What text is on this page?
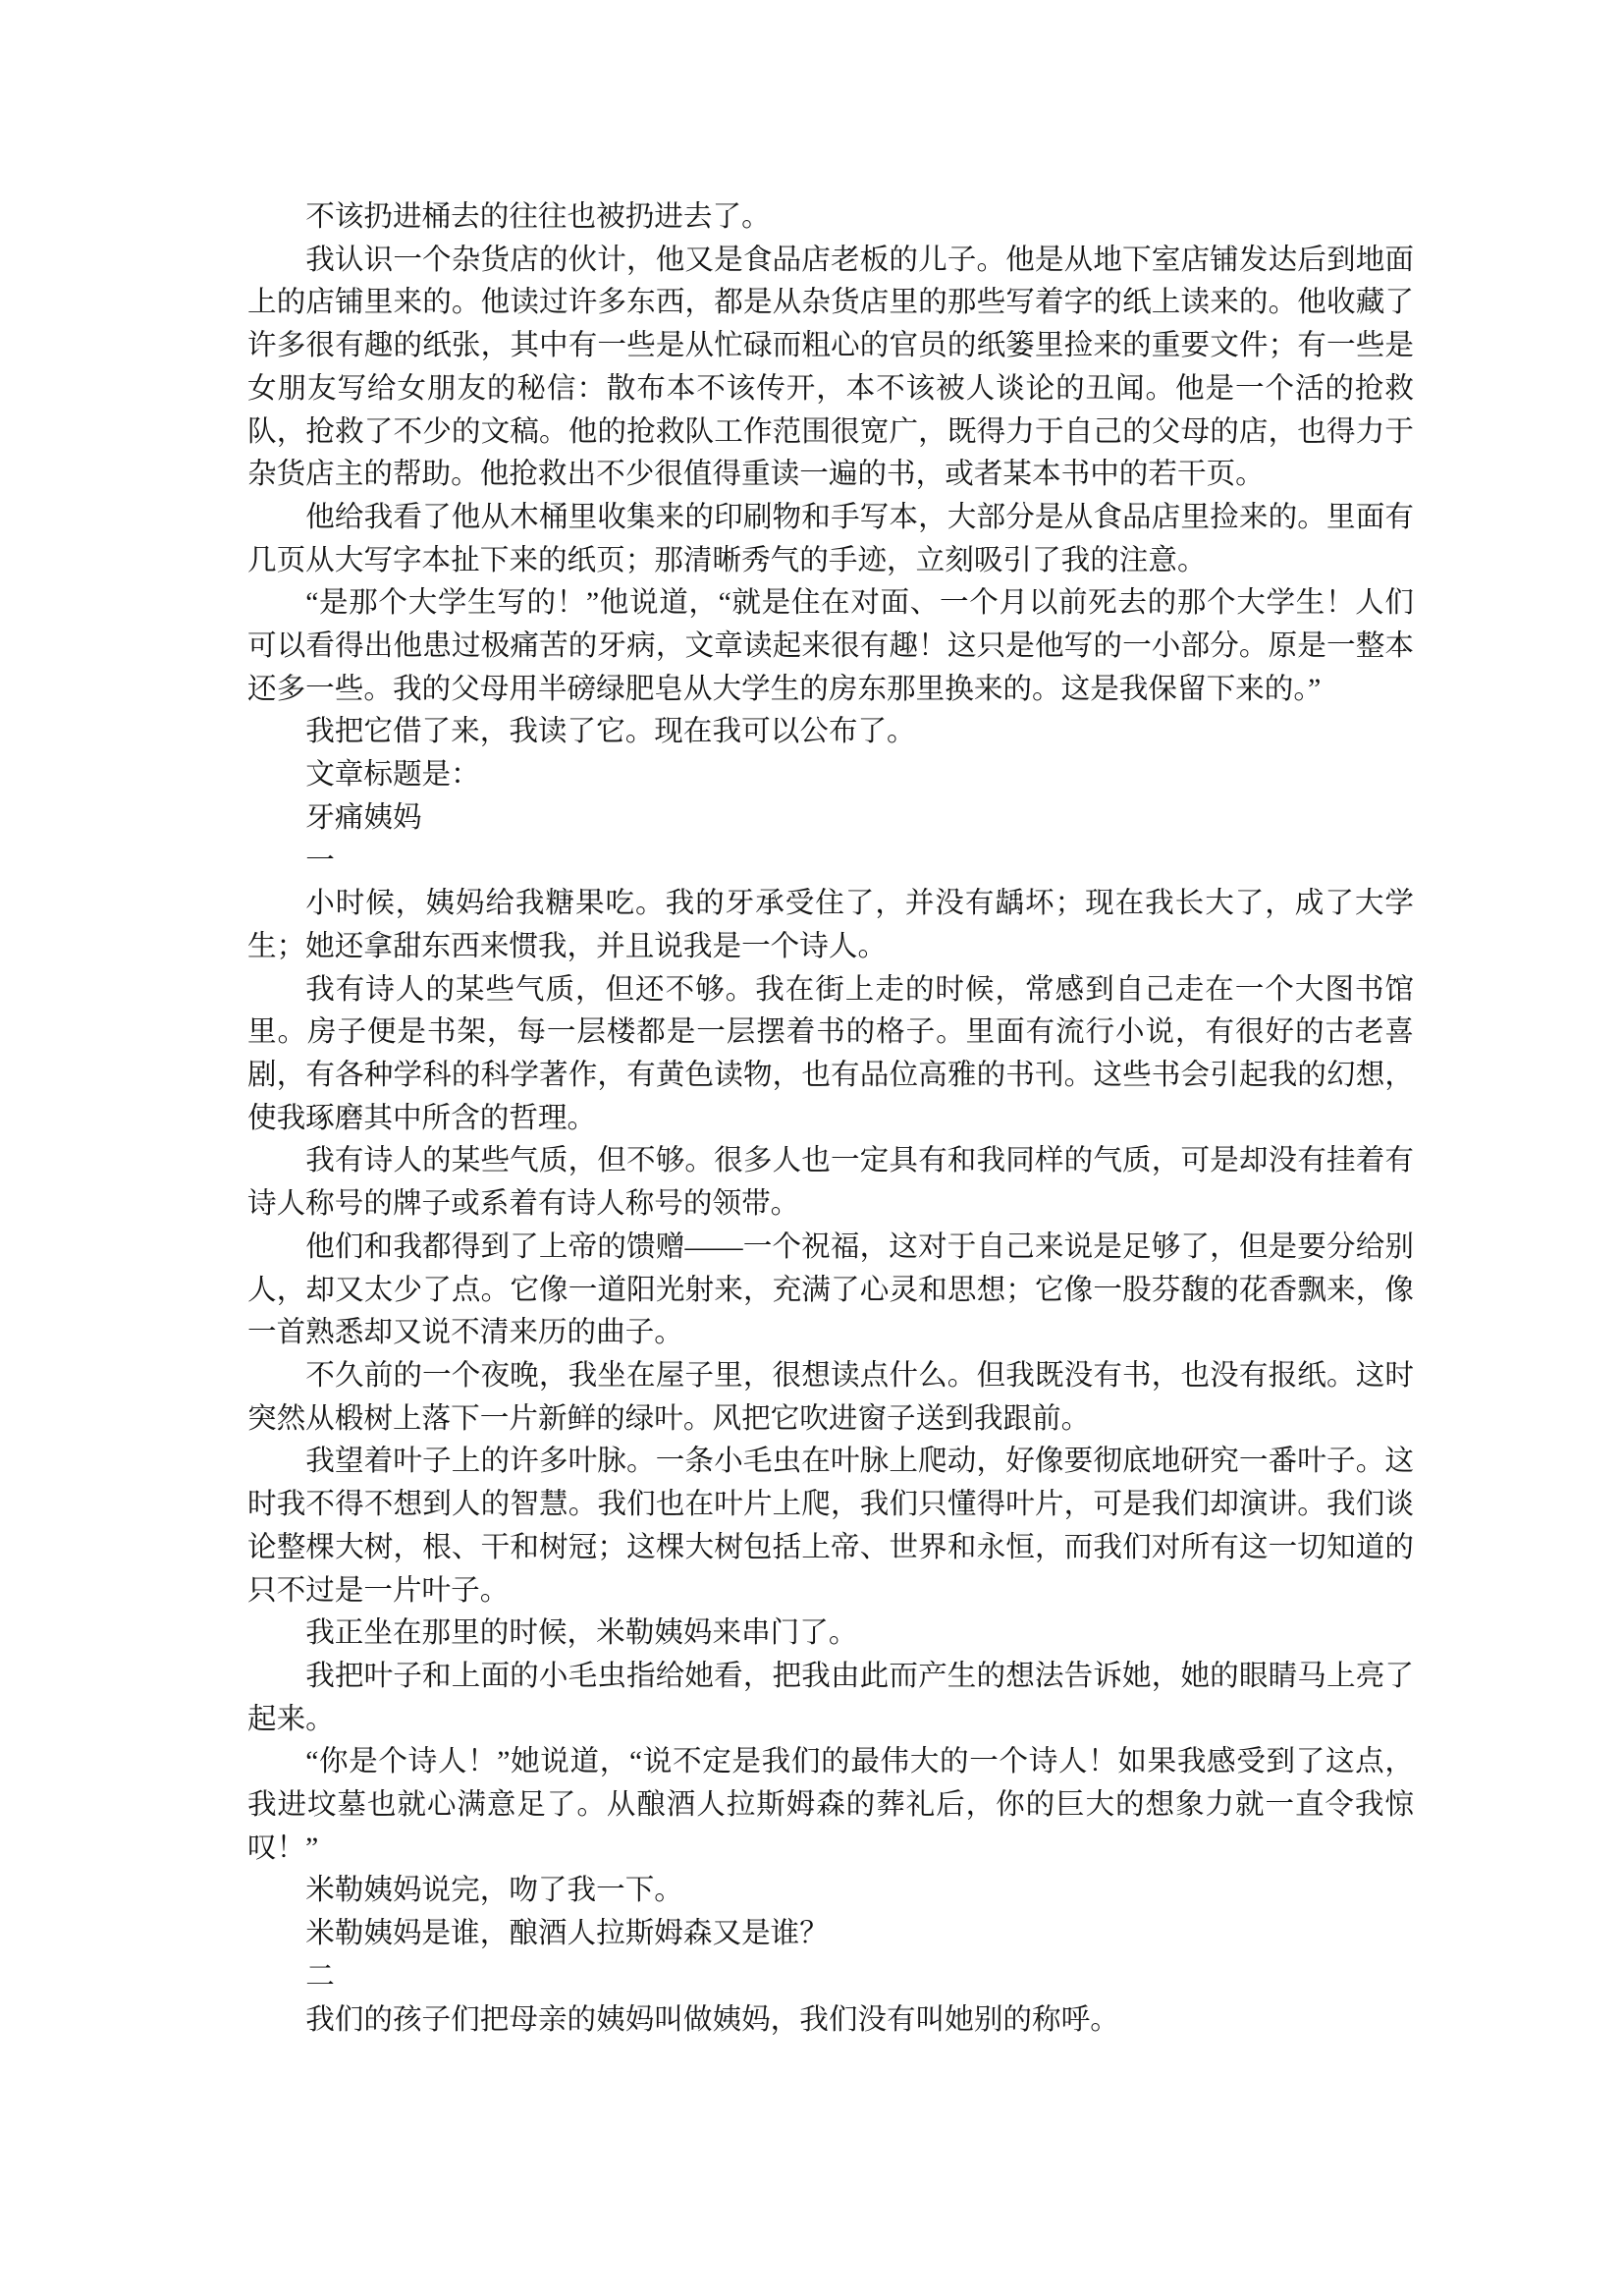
不该扔进桶去的往往也被扔进去了。

我认识一个杂货店的伙计，他又是食品店老板的儿子。他是从地下室店铺发达后到地面上的店铺里来的。他读过许多东西，都是从杂货店里的那些写着字的纸上读来的。他收藏了许多很有趣的纸张，其中有一些是从忙碌而粗心的官员的纸篓里捡来的重要文件；有一些是女朋友写给女朋友的秘信：散布本不该传开，本不该被人谈论的丑闻。他是一个活的抢救队，抢救了不少的文稿。他的抢救队工作范围很宽广，既得力于自己的父母的店，也得力于杂货店主的帮助。他抢救出不少很值得重读一遍的书，或者某本书中的若干页。

他给我看了他从木桶里收集来的印刷物和手写本，大部分是从食品店里捡来的。里面有几页从大写字本扯下来的纸页；那清晰秀气的手迹，立刻吸引了我的注意。

“是那个大学生写的！”他说道，“就是住在对面、一个月以前死去的那个大学生！人们可以看得出他患过极痛苦的牙病，文章读起来很有趣！这只是他写的一小部分。原是一整本还多一些。我的父母用半磅绿肥皂从大学生的房东那里换来的。这是我保留下来的。”

我把它借了来，我读了它。现在我可以公布了。

文章标题是：

牙痛姨妈

一

小时候，姨妈给我糖果吃。我的牙承受住了，并没有龋坏；现在我长大了，成了大学生；她还拿甜东西来惯我，并且说我是一个诗人。

我有诗人的某些气质，但还不够。我在街上走的时候，常感到自己走在一个大图书馆里。房子便是书架，每一层楼都是一层摆着书的格子。里面有流行小说，有很好的古老喜剧，有各种学科的科学著作，有黄色读物，也有品位高雅的书刊。这些书会引起我的幻想，使我琢磨其中所含的哲理。

我有诗人的某些气质，但不够。很多人也一定具有和我同样的气质，可是却没有挂着有诗人称号的牌子或系着有诗人称号的领带。

他们和我都得到了上帝的馈赠——一个祝福，这对于自己来说是足够了，但是要分给别人，却又太少了点。它像一道阳光射来，充满了心灵和思想；它像一股芬馥的花香飘来，像一首熟悉却又说不清来历的曲子。

不久前的一个夜晚，我坐在屋子里，很想读点什么。但我既没有书，也没有报纸。这时突然从椴树上落下一片新鲜的绿叶。风把它吹进窗子送到我跟前。

我望着叶子上的许多叶脉。一条小毛虫在叶脉上爬动，好像要彻底地研究一番叶子。这时我不得不想到人的智慧。我们也在叶片上爬，我们只懂得叶片，可是我们却演讲。我们谈论整棵大树，根、干和树冠；这棵大树包括上帝、世界和永恒，而我们对所有这一切知道的只不过是一片叶子。

我正坐在那里的时候，米勒姨妈来串门了。

我把叶子和上面的小毛虫指给她看，把我由此而产生的想法告诉她，她的眼睛马上亮了起来。

“你是个诗人！”她说道，“说不定是我们的最伟大的一个诗人！如果我感受到了这点，我进坟墓也就心满意足了。从酿酒人拉斯姆森的葬礼后，你的巨大的想象力就一直令我惊叹！”

米勒姨妈说完，吻了我一下。

米勒姨妈是谁，酿酒人拉斯姆森又是谁？

二

我们的孩子们把母亲的姨妈叫做姨妈，我们没有叫她别的称呼。
